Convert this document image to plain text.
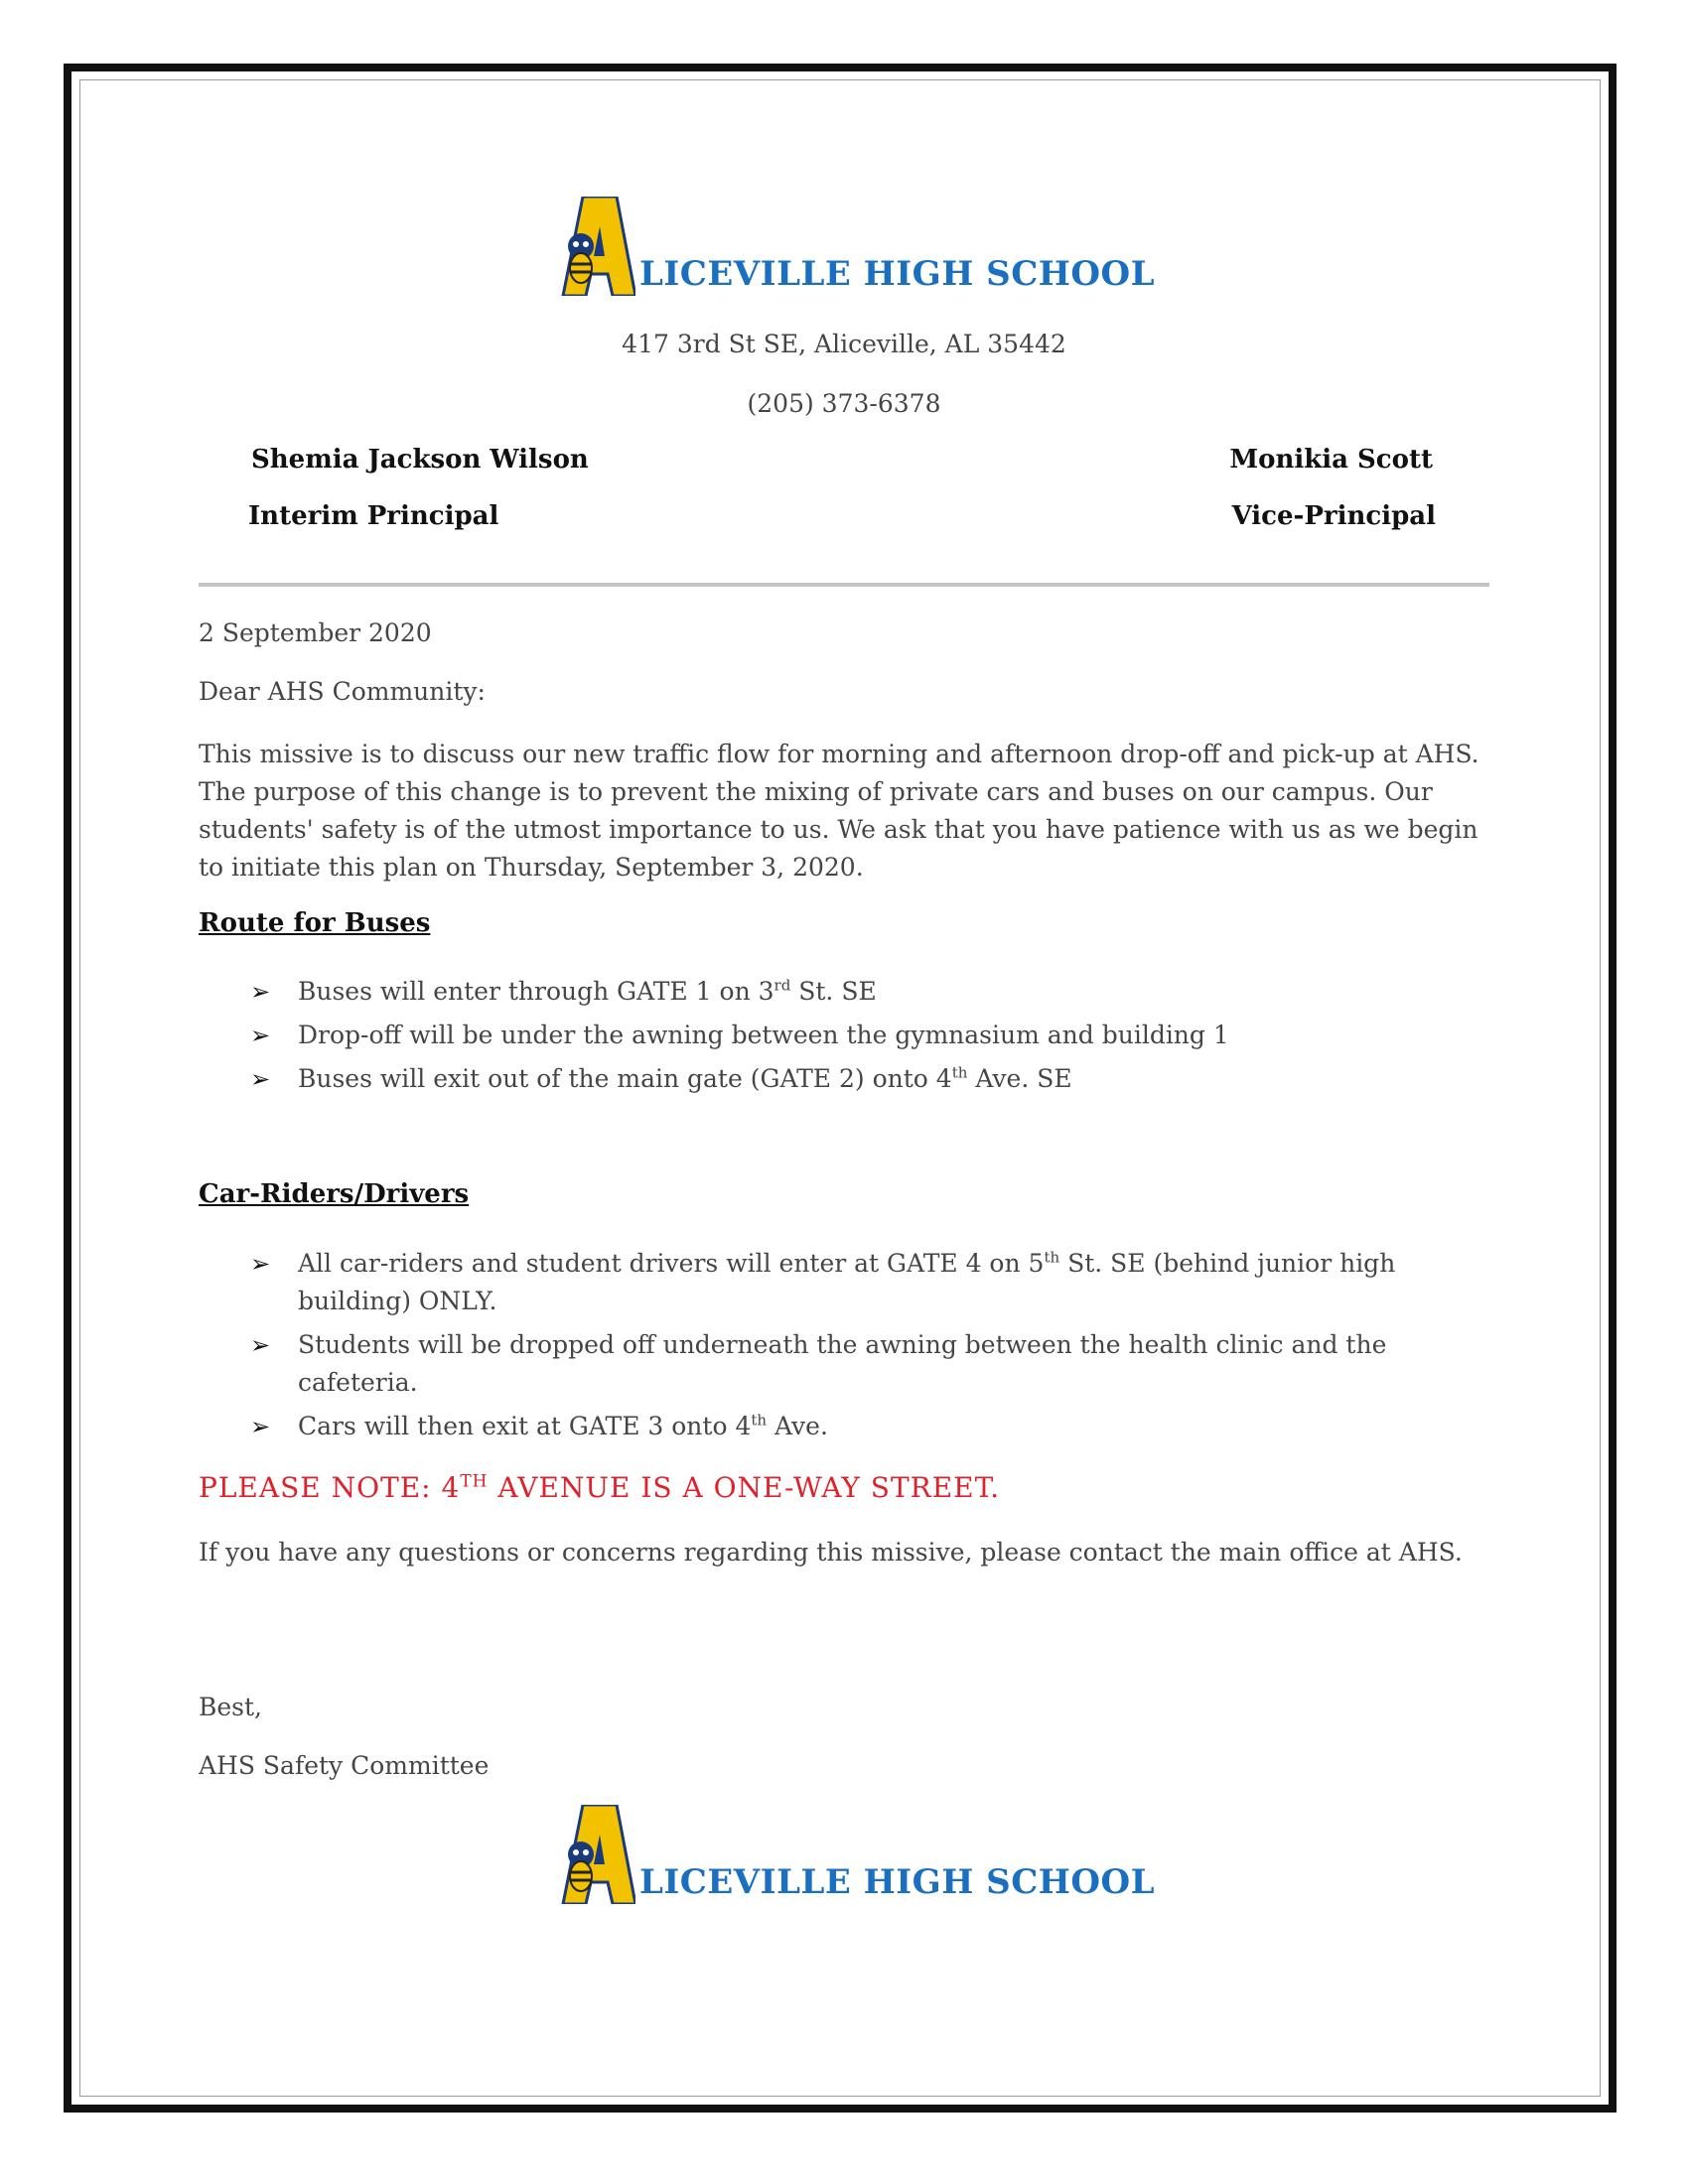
LICEVILLE HIGH SCHOOL
417 3rd St SE, Aliceville, AL 35442
(205) 373-6378
Shemia Jackson Wilson
Interim Principal
Monikia Scott
Vice-Principal
2 September 2020
Dear AHS Community:
This missive is to discuss our new traffic flow for morning and afternoon drop-off and pick-up at AHS. The purpose of this change is to prevent the mixing of private cars and buses on our campus. Our students' safety is of the utmost importance to us. We ask that you have patience with us as we begin to initiate this plan on Thursday, September 3, 2020.
Route for Buses
➢ Buses will enter through GATE 1 on 3rd St. SE
➢ Drop-off will be under the awning between the gymnasium and building 1
➢ Buses will exit out of the main gate (GATE 2) onto 4th Ave. SE
Car-Riders/Drivers
➢ All car-riders and student drivers will enter at GATE 4 on 5th St. SE (behind junior high building) ONLY.
➢ Students will be dropped off underneath the awning between the health clinic and the cafeteria.
➢ Cars will then exit at GATE 3 onto 4th Ave.
PLEASE NOTE: 4TH AVENUE IS A ONE-WAY STREET.
If you have any questions or concerns regarding this missive, please contact the main office at AHS.
Best,
AHS Safety Committee
LICEVILLE HIGH SCHOOL
